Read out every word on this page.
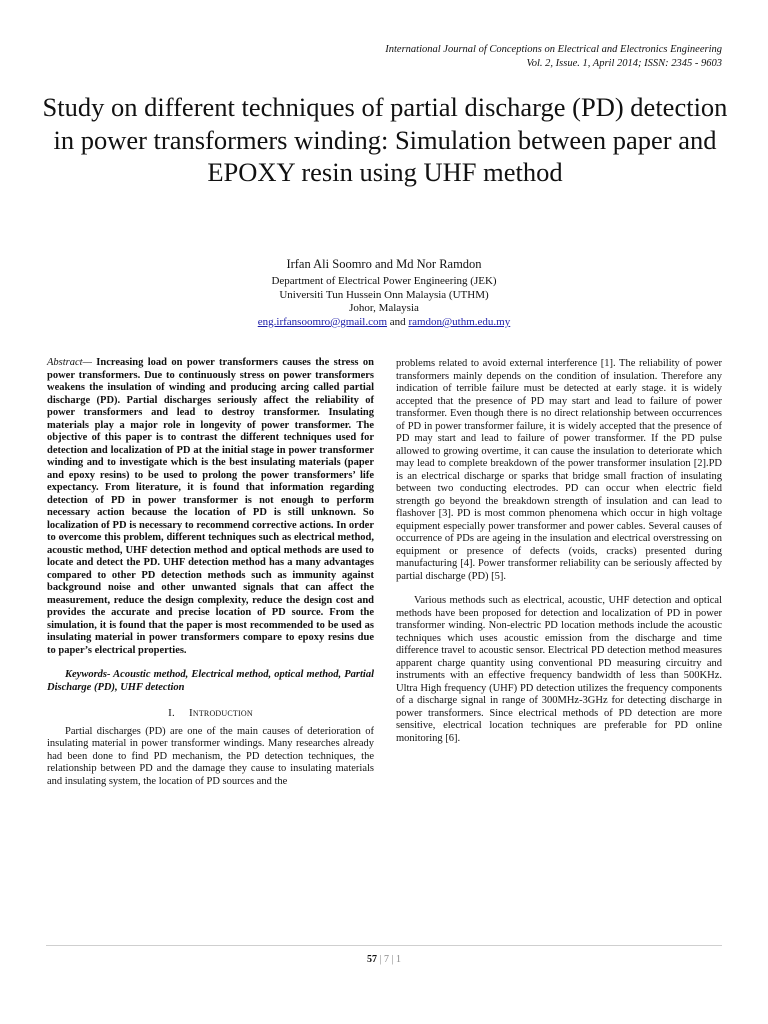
International Journal of Conceptions on Electrical and Electronics Engineering
Vol. 2, Issue. 1, April 2014; ISSN: 2345 - 9603
Study on different techniques of partial discharge (PD) detection in power transformers winding: Simulation between paper and EPOXY resin using UHF method
Irfan Ali Soomro and Md Nor Ramdon
Department of Electrical Power Engineering (JEK)
Universiti Tun Hussein Onn Malaysia (UTHM)
Johor, Malaysia
eng.irfansoomro@gmail.com and ramdon@uthm.edu.my

Abstract— Increasing load on power transformers causes the stress on power transformers. Due to continuously stress on power transformers weakens the insulation of winding and producing arcing called partial discharge (PD). Partial discharges seriously affect the reliability of power transformers and lead to destroy transformer. Insulating materials play a major role in longevity of power transformer. The objective of this paper is to contrast the different techniques used for detection and localization of PD at the initial stage in power transformer winding and to investigate which is the best insulating materials (paper and epoxy resins) to be used to prolong the power transformers’ life expectancy. From literature, it is found that information regarding detection of PD in power transformer is not enough to perform necessary action because the location of PD is still unknown. So localization of PD is necessary to recommend corrective actions. In order to overcome this problem, different techniques such as electrical method, acoustic method, UHF detection method and optical methods are used to locate and detect the PD. UHF detection method has a many advantages compared to other PD detection methods such as immunity against background noise and other unwanted signals that can affect the measurement, reduce the design complexity, reduce the design cost and provides the accurate and precise location of PD source. From the simulation, it is found that the paper is most recommended to be used as insulating material in power transformers compare to epoxy resins due to paper’s electrical properties.

Keywords- Acoustic method, Electrical method, optical method, Partial Discharge (PD), UHF detection

I. Introduction

Partial discharges (PD) are one of the main causes of deterioration of insulating material in power transformer windings. Many researches already had been done to find PD mechanism, the PD detection techniques, the relationship between PD and the damage they cause to insulating materials and insulating system, the location of PD sources and the

problems related to avoid external interference [1]. The reliability of power transformers mainly depends on the condition of insulation. Therefore any indication of terrible failure must be detected at early stage. it is widely accepted that the presence of PD may start and lead to failure of power transformer. Even though there is no direct relationship between occurrences of PD in power transformer failure, it is widely accepted that the presence of PD may start and lead to failure of power transformer. If the PD pulse allowed to growing overtime, it can cause the insulation to deteriorate which may lead to complete breakdown of the power transformer insulation [2].PD is an electrical discharge or sparks that bridge small fraction of insulating between two conducting electrodes. PD can occur when electric field strength go beyond the breakdown strength of insulation and can lead to flashover [3]. PD is most common phenomena which occur in high voltage equipment especially power transformer and power cables. Several causes of occurrence of PDs are ageing in the insulation and electrical overstressing on equipment or presence of defects (voids, cracks) presented during manufacturing [4]. Power transformer reliability can be seriously affected by partial discharge (PD) [5].

Various methods such as electrical, acoustic, UHF detection and optical methods have been proposed for detection and localization of PD in power transformer winding. Non-electric PD location methods include the acoustic techniques which uses acoustic emission from the discharge and time difference travel to acoustic sensor. Electrical PD detection method measures apparent charge quantity using conventional PD measuring circuitry and instruments with an effective frequency bandwidth of less than 500KHz. Ultra High frequency (UHF) PD detection utilizes the frequency components of a discharge signal in range of 300MHz-3GHz for detecting discharge in power transformers. Since electrical methods of PD detection are more sensitive, electrical location techniques are preferable for PD online monitoring [6].

57 | 7 | 1
